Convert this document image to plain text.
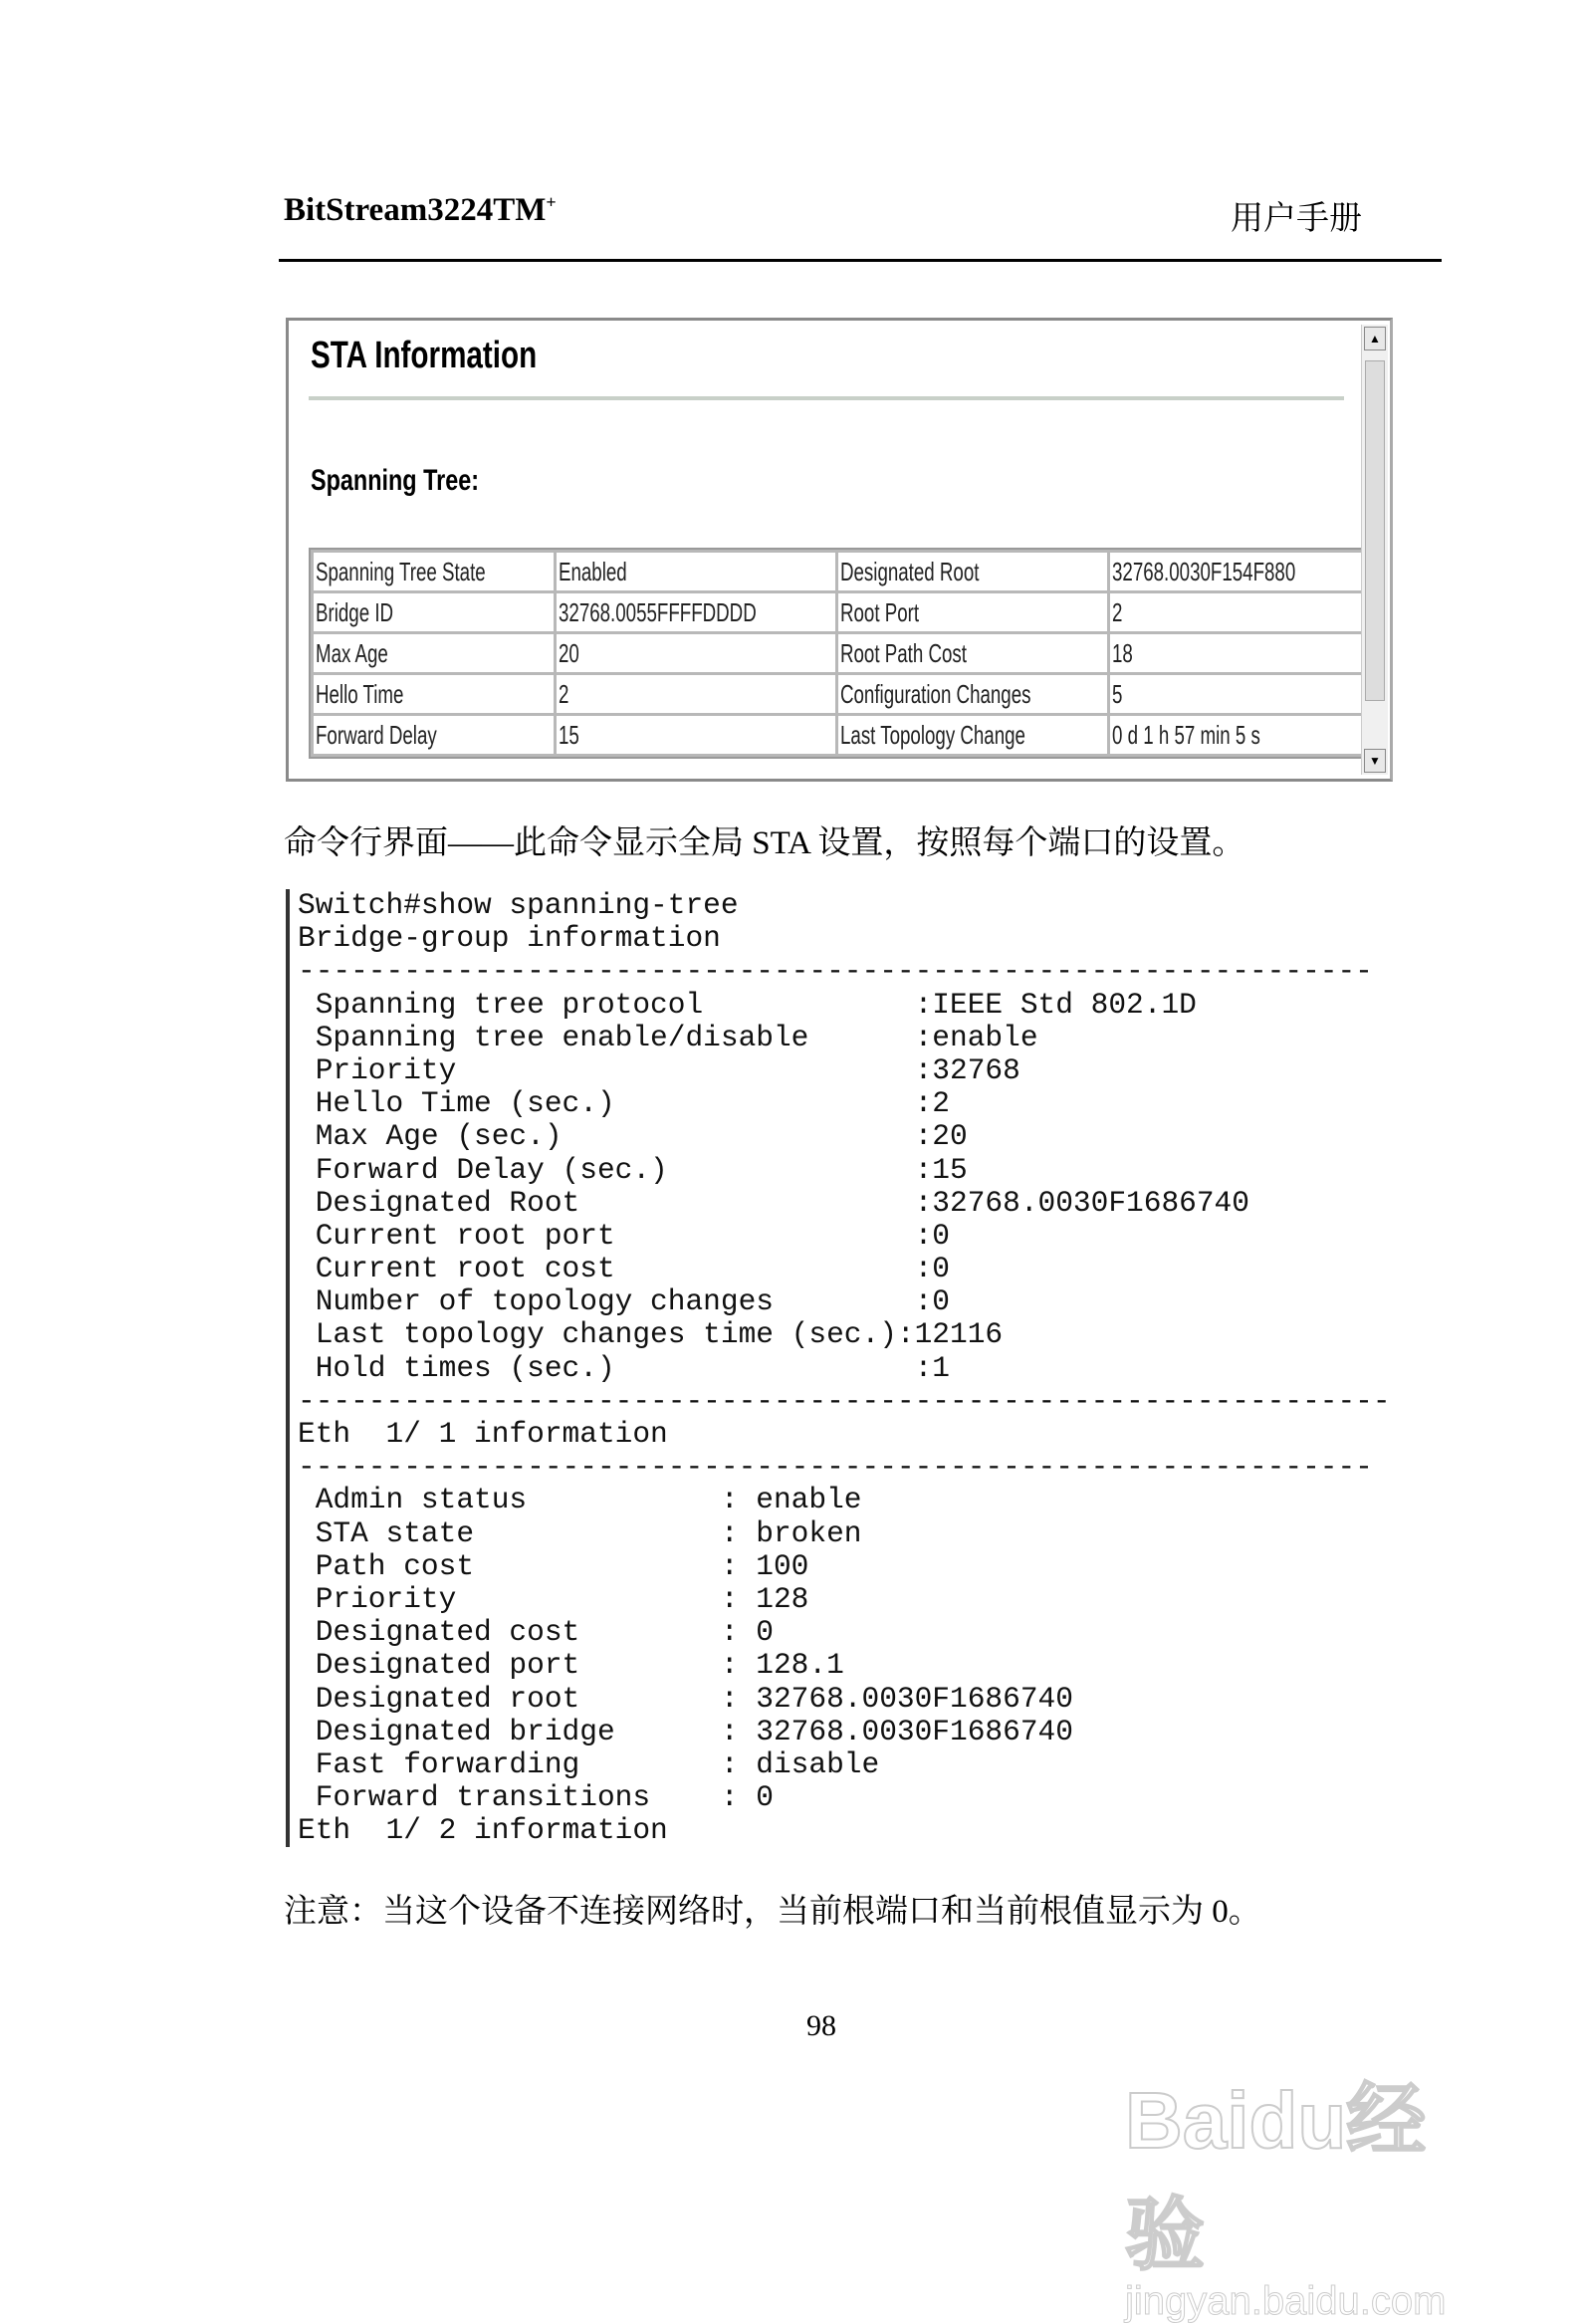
BitStream3224TM+	用户手册
STA Information
Spanning Tree:
Spanning Tree State	Enabled	Designated Root	32768.0030F154F880
Bridge ID	32768.0055FFFFDDDD	Root Port	2
Max Age	20	Root Path Cost	18
Hello Time	2	Configuration Changes	5
Forward Delay	15	Last Topology Change	0 d 1 h 57 min 5 s
▲
▼
命令行界面——此命令显示全局 STA 设置，按照每个端口的设置。
Switch#show spanning-tree
Bridge-group information
-------------------------------------------------------------
Spanning tree protocol            :IEEE Std 802.1D
Spanning tree enable/disable      :enable
Priority                          :32768
Hello Time (sec.)                 :2
Max Age (sec.)                    :20
Forward Delay (sec.)              :15
Designated Root                   :32768.0030F1686740
Current root port                 :0
Current root cost                 :0
Number of topology changes        :0
Last topology changes time (sec.):12116
Hold times (sec.)                 :1
--------------------------------------------------------------
Eth  1/ 1 information
-------------------------------------------------------------
Admin status           : enable
STA state              : broken
Path cost              : 100
Priority               : 128
Designated cost        : 0
Designated port        : 128.1
Designated root        : 32768.0030F1686740
Designated bridge      : 32768.0030F1686740
Fast forwarding        : disable
Forward transitions    : 0
Eth  1/ 2 information
注意：当这个设备不连接网络时，当前根端口和当前根值显示为 0。
98
Baidu经验
jingyan.baidu.com
